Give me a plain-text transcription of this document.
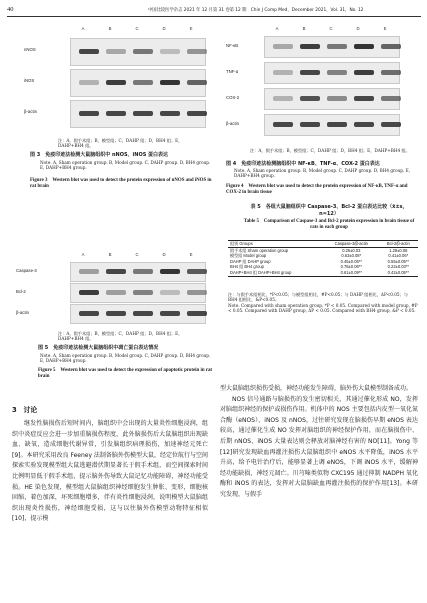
40	中国比较医学杂志 2021 年 12 月第 31 卷第 12 期　Chin J Comp Med，December 2021，Vol. 31，No. 12
A	B	C	D	E
nNOS
iNOS
β-actin
注：A，假手术组；B，模型组；C，DAHP 组；D，BH4 组；E，DAHP+BH4 组。
图 3　免疫印迹法检测大鼠脑组织中 nNOS、iNOS 蛋白表达
Note. A, Sham operation group. B, Model group. C, DAHP group. D, BH4 group. E, DAHP+BH4 group.
Figure 3　Western blot was used to detect the protein expression of nNOS and iNOS in rat brain
A	B	C	D	E
Caspase-3
Bcl-2
β-actin
注：A，假手术组；B，模型组；C，DAHP 组；D，BH4 组；E，DAHP+BH4 组。
图 5　免疫印迹法检测大鼠脑组织中凋亡蛋白表达情况
Note. A, Sham operation group. B, Model group. C, DAHP group. D, BH4 group. E, DAHP+BH4 group.
Figure 5　Western blot was used to detect the expression of apoptotic protein in rat brain
A	B	C	D	E
NF-κB
TNF-α
COX-2
β-actin
注：A，假手术组；B，模型组；C，DAHP 组；D，BH4 组；E，DAHP+BH4 组。
图 4　免疫印迹法检测脑组织中 NF-κB、TNF-α、COX-2 蛋白表达
Note. A, Sham operation group. B, Model group. C, DAHP group. D, BH4 group. E, DAHP+BH4 group.
Figure 4　Western blot was used to detect the protein expression of NF-κB, TNF-α and COX-2 in brain tissue
表 5　各组大鼠脑组织中 Caspase-3、Bcl-2 蛋白表达比较（x̄±s，n=12）
Table 5　Comparison of Caspase-3 and Bcl-2 protein expression in brain tissue of rats in each group
组别 Groups	Caspase-3/β-actin	Bcl-2/β-actin
假手术组 Sham operation group	0.25±0.03	1.29±0.08
模型组 Model group	0.63±0.08*	0.41±0.06*
DAHP 组 DAHP group	0.45±0.05**	0.55±0.05**
BH4 组 BH4 group	0.78±0.06**	0.22±0.03**
DAHP+BH4 组 DAHP+BH4 group	0.61±0.09**	0.42±0.05**
注：与假手术组相比，*P<0.05；与模型组相比，#P<0.05；与 DAHP 组相比，ΔP<0.05；与 BH4 组相比，&P<0.05。
Note. Compared with sham operation group, *P < 0.05. Compared with model group, #P < 0.05. Compared with DAHP group, ΔP < 0.05. Compared with BH4 group, &P < 0.05.
3　讨论

继发性脑损伤后短时间内，脑组织中会出现的大量炎性细胞浸润，组织中炎症反应会进一步加重脑损伤程度，此外脑损伤后大鼠脑组织出现缺血、缺氧，造成细胞代谢异常，引发脑组织病理损伤，加速神经元死亡[9]。本研究采用改良 Feeney 法制备脑外伤模型大鼠，经定位航行与空间探索实验发现模型组大鼠逃避潜伏期显著长于假手术组，而空间探索时间比例明显低于假手术组，提示脑外伤导致大鼠记忆功能障碍，神经功能受损。HE 染色发现，模型组大鼠脑组织神经细胞发生肿胀、变形，细胞核固缩，着色加深，坏死细胞增多，伴有炎性细胞浸润，说明模型大鼠脑组织出现炎性损伤，神经细胞受损，这与以往脑外伤模型动物特征相似[10]，提示模

型大鼠脑组织损伤受损，神经功能发生障碍，脑外伤大鼠模型制备成功。

NOS 信号通路与脑损伤的发生密切相关，其通过催化形成 NO，发挥对脑组织神经的保护或损伤作用。机体中的 NOS 主要包括内皮型一氧化氮合酶（eNOS）、iNOS 及 nNOS，过往研究发现在脑损伤早期 eNOS 表达较高，通过催化生成 NO 发挥对脑组织的神经保护作用，而在脑损伤中、后期 nNOS、iNOS 大量表达则会释放对脑神经有害的 NO[11]。Yong 等[12]研究发现缺血再灌注损伤大鼠脑组织中 eNOS 水平降低，iNOS 水平升高，给予电针治疗后，能够显著上调 eNOS，下调 iNOS 水平，缓解神经功能缺损，神经元凋亡。川芎嗪类似物 CXC195 通过抑制 NADPH 氧化酶和 iNOS 的表达，发挥对大鼠脑缺血再灌注损伤的保护作用[13]。本研究发现，与假手
